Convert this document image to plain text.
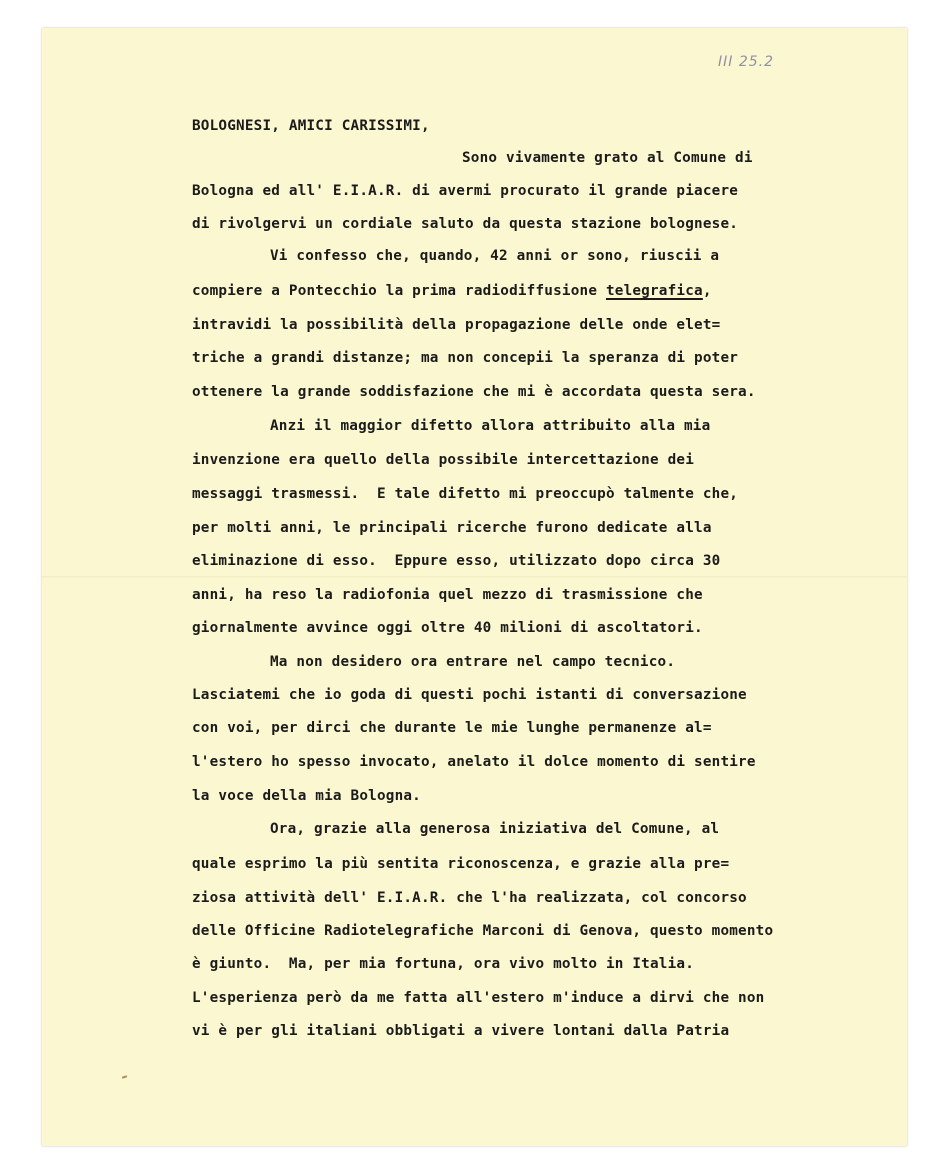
III 25.2
BOLOGNESI, AMICI CARISSIMI,
Sono vivamente grato al Comune di
Bologna ed all' E.I.A.R. di avermi procurato il grande piacere
di rivolgervi un cordiale saluto da questa stazione bolognese.
Vi confesso che, quando, 42 anni or sono, riuscii a
compiere a Pontecchio la prima radiodiffusione telegrafica,
intravidi la possibilità della propagazione delle onde elet=
triche a grandi distanze; ma non concepii la speranza di poter
ottenere la grande soddisfazione che mi è accordata questa sera.
Anzi il maggior difetto allora attribuito alla mia
invenzione era quello della possibile intercettazione dei
messaggi trasmessi.  E tale difetto mi preoccupò talmente che,
per molti anni, le principali ricerche furono dedicate alla
eliminazione di esso.  Eppure esso, utilizzato dopo circa 30
anni, ha reso la radiofonia quel mezzo di trasmissione che
giornalmente avvince oggi oltre 40 milioni di ascoltatori.
Ma non desidero ora entrare nel campo tecnico.
Lasciatemi che io goda di questi pochi istanti di conversazione
con voi, per dirci che durante le mie lunghe permanenze al=
l'estero ho spesso invocato, anelato il dolce momento di sentire
la voce della mia Bologna.
Ora, grazie alla generosa iniziativa del Comune, al
quale esprimo la più sentita riconoscenza, e grazie alla pre=
ziosa attività dell' E.I.A.R. che l'ha realizzata, col concorso
delle Officine Radiotelegrafiche Marconi di Genova, questo momento
è giunto.  Ma, per mia fortuna, ora vivo molto in Italia.
L'esperienza però da me fatta all'estero m'induce a dirvi che non
vi è per gli italiani obbligati a vivere lontani dalla Patria
